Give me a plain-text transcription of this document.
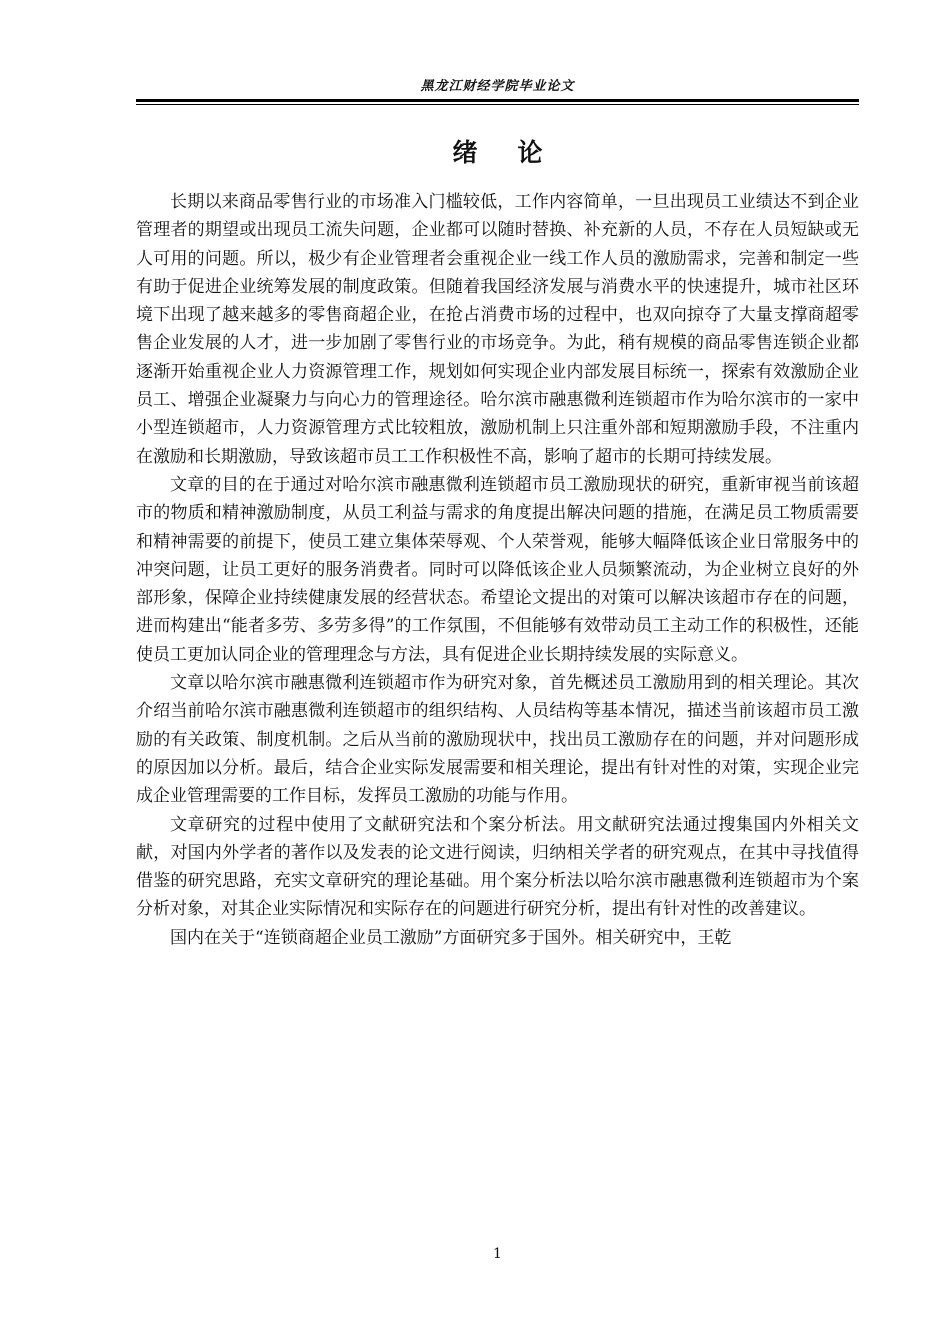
黑龙江财经学院毕业论文
绪论

长期以来商品零售行业的市场准入门槛较低，工作内容简单，一旦出现员工业绩达不到企业管理者的期望或出现员工流失问题，企业都可以随时替换、补充新的人员，不存在人员短缺或无人可用的问题。所以，极少有企业管理者会重视企业一线工作人员的激励需求，完善和制定一些有助于促进企业统筹发展的制度政策。但随着我国经济发展与消费水平的快速提升，城市社区环境下出现了越来越多的零售商超企业，在抢占消费市场的过程中，也双向掠夺了大量支撑商超零售企业发展的人才，进一步加剧了零售行业的市场竞争。为此，稍有规模的商品零售连锁企业都逐渐开始重视企业人力资源管理工作，规划如何实现企业内部发展目标统一，探索有效激励企业员工、增强企业凝聚力与向心力的管理途径。哈尔滨市融惠微利连锁超市作为哈尔滨市的一家中小型连锁超市，人力资源管理方式比较粗放，激励机制上只注重外部和短期激励手段，不注重内在激励和长期激励，导致该超市员工工作积极性不高，影响了超市的长期可持续发展。

文章的目的在于通过对哈尔滨市融惠微利连锁超市员工激励现状的研究，重新审视当前该超市的物质和精神激励制度，从员工利益与需求的角度提出解决问题的措施，在满足员工物质需要和精神需要的前提下，使员工建立集体荣辱观、个人荣誉观，能够大幅降低该企业日常服务中的冲突问题，让员工更好的服务消费者。同时可以降低该企业人员频繁流动，为企业树立良好的外部形象，保障企业持续健康发展的经营状态。希望论文提出的对策可以解决该超市存在的问题，进而构建出“能者多劳、多劳多得”的工作氛围，不但能够有效带动员工主动工作的积极性，还能使员工更加认同企业的管理理念与方法，具有促进企业长期持续发展的实际意义。

文章以哈尔滨市融惠微利连锁超市作为研究对象，首先概述员工激励用到的相关理论。其次介绍当前哈尔滨市融惠微利连锁超市的组织结构、人员结构等基本情况，描述当前该超市员工激励的有关政策、制度机制。之后从当前的激励现状中，找出员工激励存在的问题，并对问题形成的原因加以分析。最后，结合企业实际发展需要和相关理论，提出有针对性的对策，实现企业完成企业管理需要的工作目标，发挥员工激励的功能与作用。

文章研究的过程中使用了文献研究法和个案分析法。用文献研究法通过搜集国内外相关文献，对国内外学者的著作以及发表的论文进行阅读，归纳相关学者的研究观点，在其中寻找值得借鉴的研究思路，充实文章研究的理论基础。用个案分析法以哈尔滨市融惠微利连锁超市为个案分析对象，对其企业实际情况和实际存在的问题进行研究分析，提出有针对性的改善建议。

国内在关于“连锁商超企业员工激励”方面研究多于国外。相关研究中，王乾

1
